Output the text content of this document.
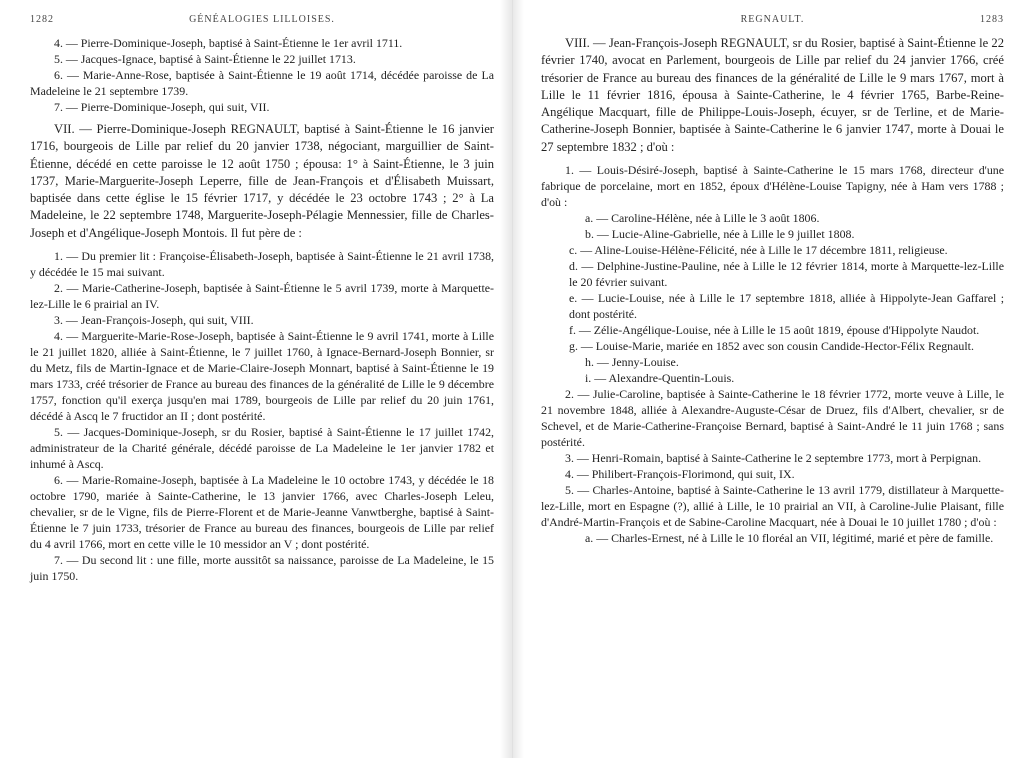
1282	GÉNÉALOGIES LILLOISES.

4. — Pierre-Dominique-Joseph, baptisé à Saint-Étienne le 1er avril 1711.

5. — Jacques-Ignace, baptisé à Saint-Étienne le 22 juillet 1713.

6. — Marie-Anne-Rose, baptisée à Saint-Étienne le 19 août 1714, décédée paroisse de La Madeleine le 21 septembre 1739.

7. — Pierre-Dominique-Joseph, qui suit, VII.

VII. — Pierre-Dominique-Joseph REGNAULT, baptisé à Saint-Étienne le 16 janvier 1716, bourgeois de Lille par relief du 20 janvier 1738, négociant, marguillier de Saint-Étienne, décédé en cette paroisse le 12 août 1750 ; épousa: 1° à Saint-Étienne, le 3 juin 1737, Marie-Marguerite-Joseph Leperre, fille de Jean-François et d'Élisabeth Muissart, baptisée dans cette église le 15 février 1717, y décédée le 23 octobre 1743 ; 2° à La Madeleine, le 22 septembre 1748, Marguerite-Joseph-Pélagie Mennessier, fille de Charles-Joseph et d'Angélique-Joseph Montois. Il fut père de :

1. — Du premier lit : Françoise-Élisabeth-Joseph, baptisée à Saint-Étienne le 21 avril 1738, y décédée le 15 mai suivant.

2. — Marie-Catherine-Joseph, baptisée à Saint-Étienne le 5 avril 1739, morte à Marquette-lez-Lille le 6 prairial an IV.

3. — Jean-François-Joseph, qui suit, VIII.

4. — Marguerite-Marie-Rose-Joseph, baptisée à Saint-Étienne le 9 avril 1741, morte à Lille le 21 juillet 1820, alliée à Saint-Étienne, le 7 juillet 1760, à Ignace-Bernard-Joseph Bonnier, sr du Metz, fils de Martin-Ignace et de Marie-Claire-Joseph Monnart, baptisé à Saint-Étienne le 19 mars 1733, créé trésorier de France au bureau des finances de la généralité de Lille le 9 décembre 1757, fonction qu'il exerça jusqu'en mai 1789, bourgeois de Lille par relief du 20 juin 1761, décédé à Ascq le 7 fructidor an II ; dont postérité.

5. — Jacques-Dominique-Joseph, sr du Rosier, baptisé à Saint-Étienne le 17 juillet 1742, administrateur de la Charité générale, décédé paroisse de La Madeleine le 1er janvier 1782 et inhumé à Ascq.

6. — Marie-Romaine-Joseph, baptisée à La Madeleine le 10 octobre 1743, y décédée le 18 octobre 1790, mariée à Sainte-Catherine, le 13 janvier 1766, avec Charles-Joseph Leleu, chevalier, sr de le Vigne, fils de Pierre-Florent et de Marie-Jeanne Vanwtberghe, baptisé à Saint-Étienne le 7 juin 1733, trésorier de France au bureau des finances, bourgeois de Lille par relief du 4 avril 1766, mort en cette ville le 10 messidor an V ; dont postérité.

7. — Du second lit : une fille, morte aussitôt sa naissance, paroisse de La Madeleine, le 15 juin 1750.

REGNAULT.	1283

VIII. — Jean-François-Joseph REGNAULT, sr du Rosier, baptisé à Saint-Étienne le 22 février 1740, avocat en Parlement, bourgeois de Lille par relief du 24 janvier 1766, créé trésorier de France au bureau des finances de la généralité de Lille le 9 mars 1767, mort à Lille le 11 février 1816, épousa à Sainte-Catherine, le 4 février 1765, Barbe-Reine-Angélique Macquart, fille de Philippe-Louis-Joseph, écuyer, sr de Terline, et de Marie-Catherine-Joseph Bonnier, baptisée à Sainte-Catherine le 6 janvier 1747, morte à Douai le 27 septembre 1832 ; d'où :

1. — Louis-Désiré-Joseph, baptisé à Sainte-Catherine le 15 mars 1768, directeur d'une fabrique de porcelaine, mort en 1852, époux d'Hélène-Louise Tapigny, née à Ham vers 1788 ; d'où :

a. — Caroline-Hélène, née à Lille le 3 août 1806.

b. — Lucie-Aline-Gabrielle, née à Lille le 9 juillet 1808.

c. — Aline-Louise-Hélène-Félicité, née à Lille le 17 décembre 1811, religieuse.

d. — Delphine-Justine-Pauline, née à Lille le 12 février 1814, morte à Marquette-lez-Lille le 20 février suivant.

e. — Lucie-Louise, née à Lille le 17 septembre 1818, alliée à Hippolyte-Jean Gaffarel ; dont postérité.

f. — Zélie-Angélique-Louise, née à Lille le 15 août 1819, épouse d'Hippolyte Naudot.

g. — Louise-Marie, mariée en 1852 avec son cousin Candide-Hector-Félix Regnault.

h. — Jenny-Louise.

i. — Alexandre-Quentin-Louis.

2. — Julie-Caroline, baptisée à Sainte-Catherine le 18 février 1772, morte veuve à Lille, le 21 novembre 1848, alliée à Alexandre-Auguste-César de Druez, fils d'Albert, chevalier, sr de Schevel, et de Marie-Catherine-Françoise Bernard, baptisé à Saint-André le 11 juin 1768 ; sans postérité.

3. — Henri-Romain, baptisé à Sainte-Catherine le 2 septembre 1773, mort à Perpignan.

4. — Philibert-François-Florimond, qui suit, IX.

5. — Charles-Antoine, baptisé à Sainte-Catherine le 13 avril 1779, distillateur à Marquette-lez-Lille, mort en Espagne (?), allié à Lille, le 10 prairial an VII, à Caroline-Julie Plaisant, fille d'André-Martin-François et de Sabine-Caroline Macquart, née à Douai le 10 juillet 1780 ; d'où :

a. — Charles-Ernest, né à Lille le 10 floréal an VII, légitimé, marié et père de famille.
